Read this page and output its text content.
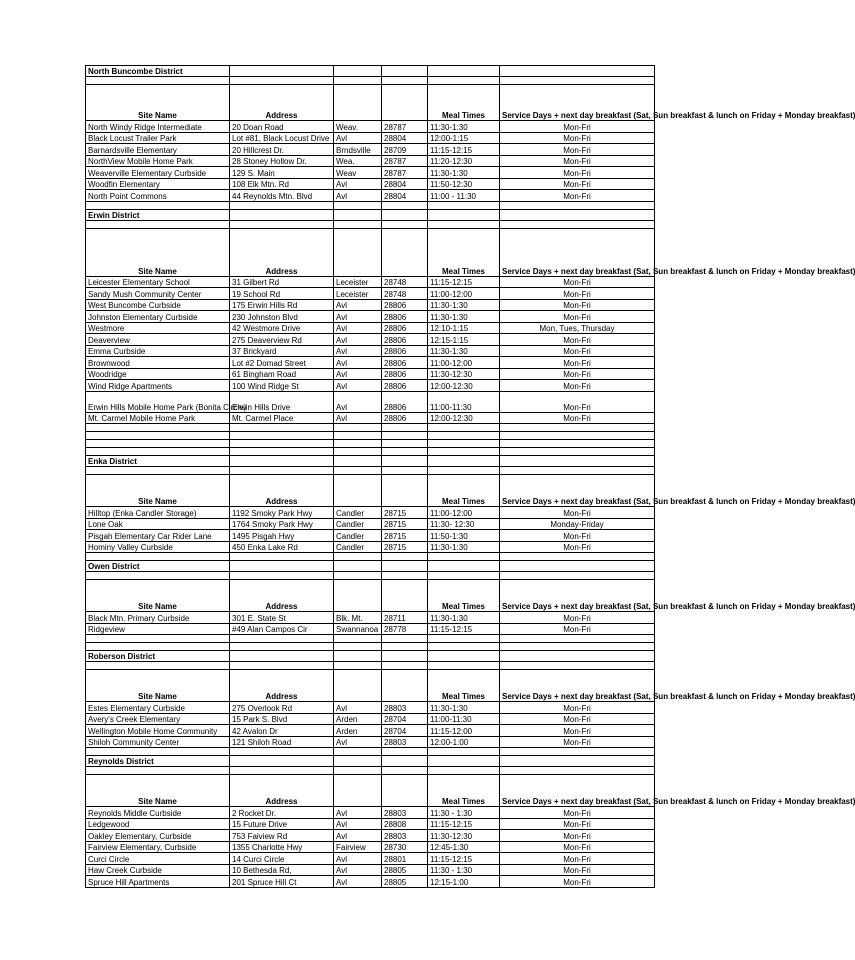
North Buncombe District					

Site Name	Address			Meal Times	Service Days + next day breakfast (Sat, Sun breakfast & lunch on Friday + Monday breakfast)
North Windy Ridge Intermediate	20 Doan Road	Weav.	28787	11:30-1:30	Mon-Fri
Black Locust Trailer Park	Lot #81, Black Locust Drive	Avl	28804	12:00-1:15	Mon-Fri
Barnardsville Elementary	20 Hillcrest Dr.	Brndsville	28709	11:15-12:15	Mon-Fri
NorthView Mobile Home Park	28 Stoney Hollow Dr.	Wea.	28787	11:20-12:30	Mon-Fri
Weaverville Elementary Curbside	129 S. Main	Weav	28787	11:30-1:30	Mon-Fri
Woodfin Elementary	108 Elk Mtn. Rd	Avl	28804	11:50-12:30	Mon-Fri
North Point Commons	44 Reynolds Mtn. Blvd	Avl	28804	11:00 - 11:30	Mon-Fri

Erwin District					

Site Name	Address			Meal Times	Service Days + next day breakfast (Sat, Sun breakfast & lunch on Friday + Monday breakfast)
Leicester Elementary School	31 Gilbert Rd	Leceister	28748	11:15-12:15	Mon-Fri
Sandy Mush Community Center	19 School Rd	Leceister	28748	11:00-12:00	Mon-Fri
West Buncombe Curbside	175 Erwin Hills Rd	Avl	28806	11:30-1:30	Mon-Fri
Johnston Elementary Curbside	230 Johnston Blvd	Avl	28806	11:30-1:30	Mon-Fri
Westmore	42 Westmore Drive	Avl	28806	12:10-1:15	Mon, Tues, Thursday
Deaverview	275 Deaverview Rd	Avl	28806	12:15-1:15	Mon-Fri
Emma Curbside	37 Brickyard	Avl	28806	11:30-1:30	Mon-Fri
Brownwood	Lot #2 Domad Street	Avl	28806	11:00-12:00	Mon-Fri
Woodridge	61 Bingham Road	Avl	28806	11:30-12:30	Mon-Fri
Wind Ridge Apartments	100 Wind Ridge St	Avl	28806	12:00-12:30	Mon-Fri
Erwin Hills Mobile Home Park (Bonita Circle)	Erwin Hills Drive	Avl	28806	11:00-11:30	Mon-Fri
Mt. Carmel Mobile Home Park	Mt. Carmel Place	Avl	28806	12:00-12:30	Mon-Fri

Enka District					

Site Name	Address			Meal Times	Service Days + next day breakfast (Sat, Sun breakfast & lunch on Friday + Monday breakfast)
Hilltop (Enka Candler Storage)	1192 Smoky Park Hwy	Candler	28715	11:00-12:00	Mon-Fri
Lone Oak	1764 Smoky Park Hwy	Candler	28715	11:30- 12:30	Monday-Friday
Pisgah Elementary Car Rider Lane	1495 Pisgah Hwy	Candler	28715	11:50-1:30	Mon-Fri
Hominy Valley Curbside	450 Enka Lake Rd	Candler	28715	11:30-1:30	Mon-Fri

Owen District					

Site Name	Address			Meal Times	Service Days + next day breakfast (Sat, Sun breakfast & lunch on Friday + Monday breakfast)
Black Mtn. Primary Curbside	301 E. State St	Blk. Mt.	28711	11:30-1:30	Mon-Fri
Ridgeview	#49 Alan Campos Cir	Swannanoa	28778	11:15-12:15	Mon-Fri

Roberson District					

Site Name	Address			Meal Times	Service Days + next day breakfast (Sat, Sun breakfast & lunch on Friday + Monday breakfast)
Estes Elementary Curbside	275 Overlook Rd	Avl	28803	11:30-1:30	Mon-Fri
Avery's Creek Elementary	15 Park S. Blvd	Arden	28704	11:00-11:30	Mon-Fri
Wellington Mobile Home Community	42 Avalon Dr	Arden	28704	11:15-12:00	Mon-Fri
Shiloh Community Center	121 Shiloh Road	Avl	28803	12:00-1:00	Mon-Fri

Reynolds District					

Site Name	Address			Meal Times	Service Days + next day breakfast (Sat, Sun breakfast & lunch on Friday + Monday breakfast)
Reynolds Middle Curbside	2 Rocket Dr.	Avl	28803	11:30 - 1:30	Mon-Fri
Ledgewood	15 Future Drive	Avl	28808	11:15-12:15	Mon-Fri
Oakley Elementary, Curbside	753 Faiview Rd	Avl	28803	11:30-12:30	Mon-Fri
Fairview Elementary, Curbside	1355 Charlotte Hwy	Fairview	28730	12:45-1:30	Mon-Fri
Curci Circle	14 Curci Circle	Avl	28801	11:15-12:15	Mon-Fri
Haw Creek Curbside	10 Bethesda Rd,	Avl	28805	11:30 - 1:30	Mon-Fri
Spruce Hill Apartments	201 Spruce Hill Ct	Avl	28805	12:15-1:00	Mon-Fri
